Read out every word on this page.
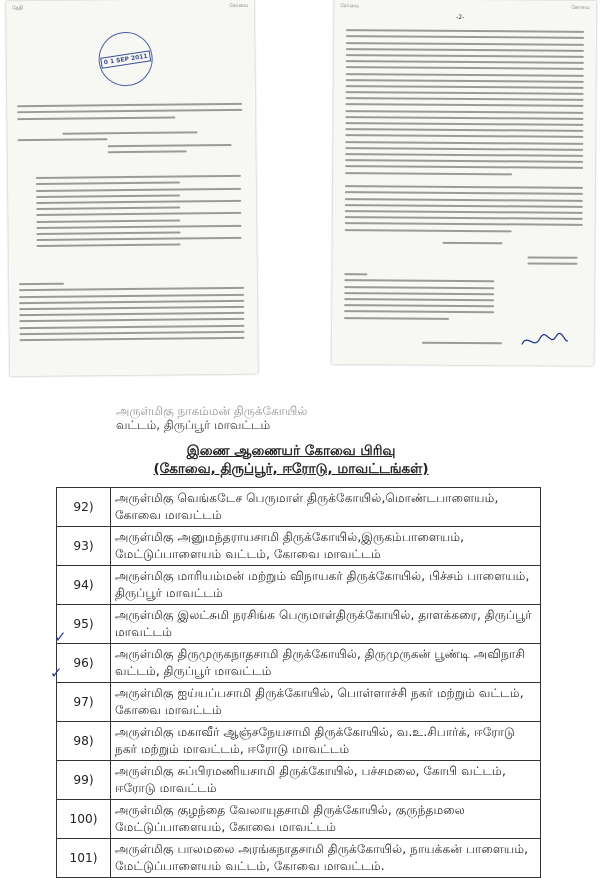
தேதி	கோவை
0 1 SEP 2011
கோவை	கோவை
-2-
அருள்மிகு நாகம்மன் திருக்கோயில்
வட்டம், திருப்பூர் மாவட்டம்
இணை ஆணையர் கோவை பிரிவு
(கோவை, திருப்பூர், ஈரோடு, மாவட்டங்கள்)
92)	அருள்மிகு வெங்கடேச பெருமாள் திருக்கோயில்,மொண்டபாளையம், கோவை மாவட்டம்
93)	அருள்மிகு அனுமந்தராயசாமி திருக்கோயில்,இருகம்பாளையம், மேட்டுப்பாளையம் வட்டம், கோவை மாவட்டம்
94)	அருள்மிகு மாரியம்மன் மற்றும் விநாயகர் திருக்கோயில், பிச்சம் பாளையம், திருப்பூர் மாவட்டம்
95)	அருள்மிகு இலட்சுமி நரசிங்க பெருமாள்திருக்கோயில், தாளக்கரை, திருப்பூர் மாவட்டம்
96)	அருள்மிகு திருமுருகநாதசாமி திருக்கோயில், திருமுருகன் பூண்டி அவிநாசி வட்டம், திருப்பூர் மாவட்டம்
97)	அருள்மிகு ஐய்யப்பசாமி திருக்கோயில், பொள்ளாச்சி நகர் மற்றும் வட்டம், கோவை மாவட்டம்
98)	அருள்மிகு மகாவீர் ஆஞ்சநேயசாமி திருக்கோயில், வ.உ.சிபார்க், ஈரோடு நகர் மற்றும் மாவட்டம், ஈரோடு மாவட்டம்
99)	அருள்மிகு சுப்பிரமணியசாமி திருக்கோயில், பச்சமலை, கோபி வட்டம், ஈரோடு மாவட்டம்
100)	அருள்மிகு குழந்தை வேலாயுதசாமி திருக்கோயில், குருந்தமலை மேட்டுப்பாளையம், கோவை மாவட்டம்
101)	அருள்மிகு பாலமலை அரங்கநாதசாமி திருக்கோயில், நாயக்கன் பாளையம், மேட்டுப்பாளையம் வட்டம், கோவை மாவட்டம்.
✓
✓
